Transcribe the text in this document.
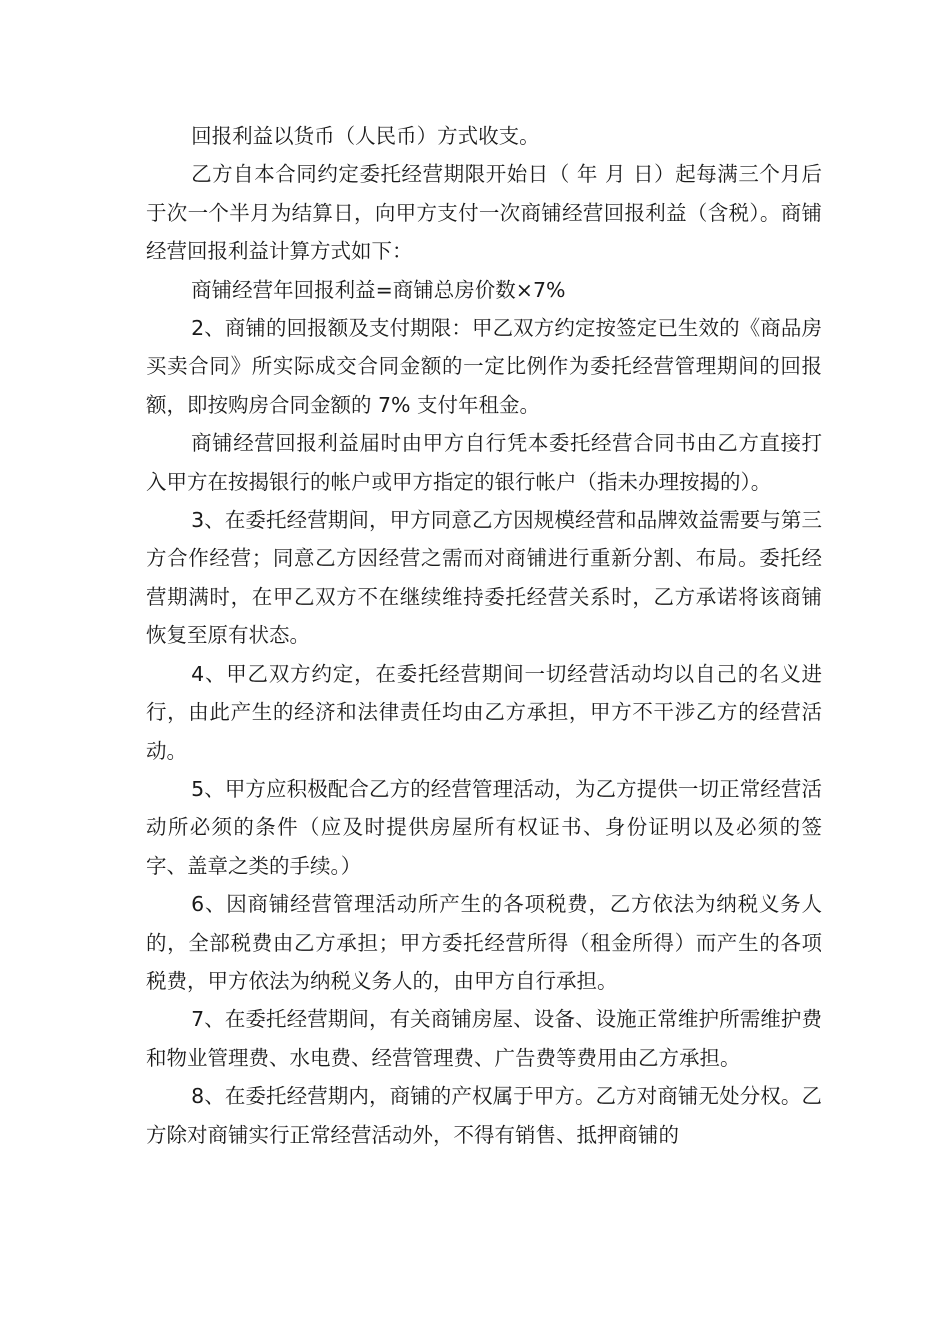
回报利益以货币（人民币）方式收支。

乙方自本合同约定委托经营期限开始日（ 年 月 日）起每满三个月后于次一个半月为结算日，向甲方支付一次商铺经营回报利益（含税）。商铺经营回报利益计算方式如下：

商铺经营年回报利益=商铺总房价数×7%

2、商铺的回报额及支付期限：甲乙双方约定按签定已生效的《商品房买卖合同》所实际成交合同金额的一定比例作为委托经营管理期间的回报额，即按购房合同金额的 7% 支付年租金。

商铺经营回报利益届时由甲方自行凭本委托经营合同书由乙方直接打入甲方在按揭银行的帐户或甲方指定的银行帐户（指未办理按揭的）。

3、在委托经营期间，甲方同意乙方因规模经营和品牌效益需要与第三方合作经营；同意乙方因经营之需而对商铺进行重新分割、布局。委托经营期满时，在甲乙双方不在继续维持委托经营关系时，乙方承诺将该商铺恢复至原有状态。

4、甲乙双方约定，在委托经营期间一切经营活动均以自己的名义进行，由此产生的经济和法律责任均由乙方承担，甲方不干涉乙方的经营活动。

5、甲方应积极配合乙方的经营管理活动，为乙方提供一切正常经营活动所必须的条件（应及时提供房屋所有权证书、身份证明以及必须的签字、盖章之类的手续。）

6、因商铺经营管理活动所产生的各项税费，乙方依法为纳税义务人的，全部税费由乙方承担；甲方委托经营所得（租金所得）而产生的各项税费，甲方依法为纳税义务人的，由甲方自行承担。

7、在委托经营期间，有关商铺房屋、设备、设施正常维护所需维护费和物业管理费、水电费、经营管理费、广告费等费用由乙方承担。

8、在委托经营期内，商铺的产权属于甲方。乙方对商铺无处分权。乙方除对商铺实行正常经营活动外，不得有销售、抵押商铺的
